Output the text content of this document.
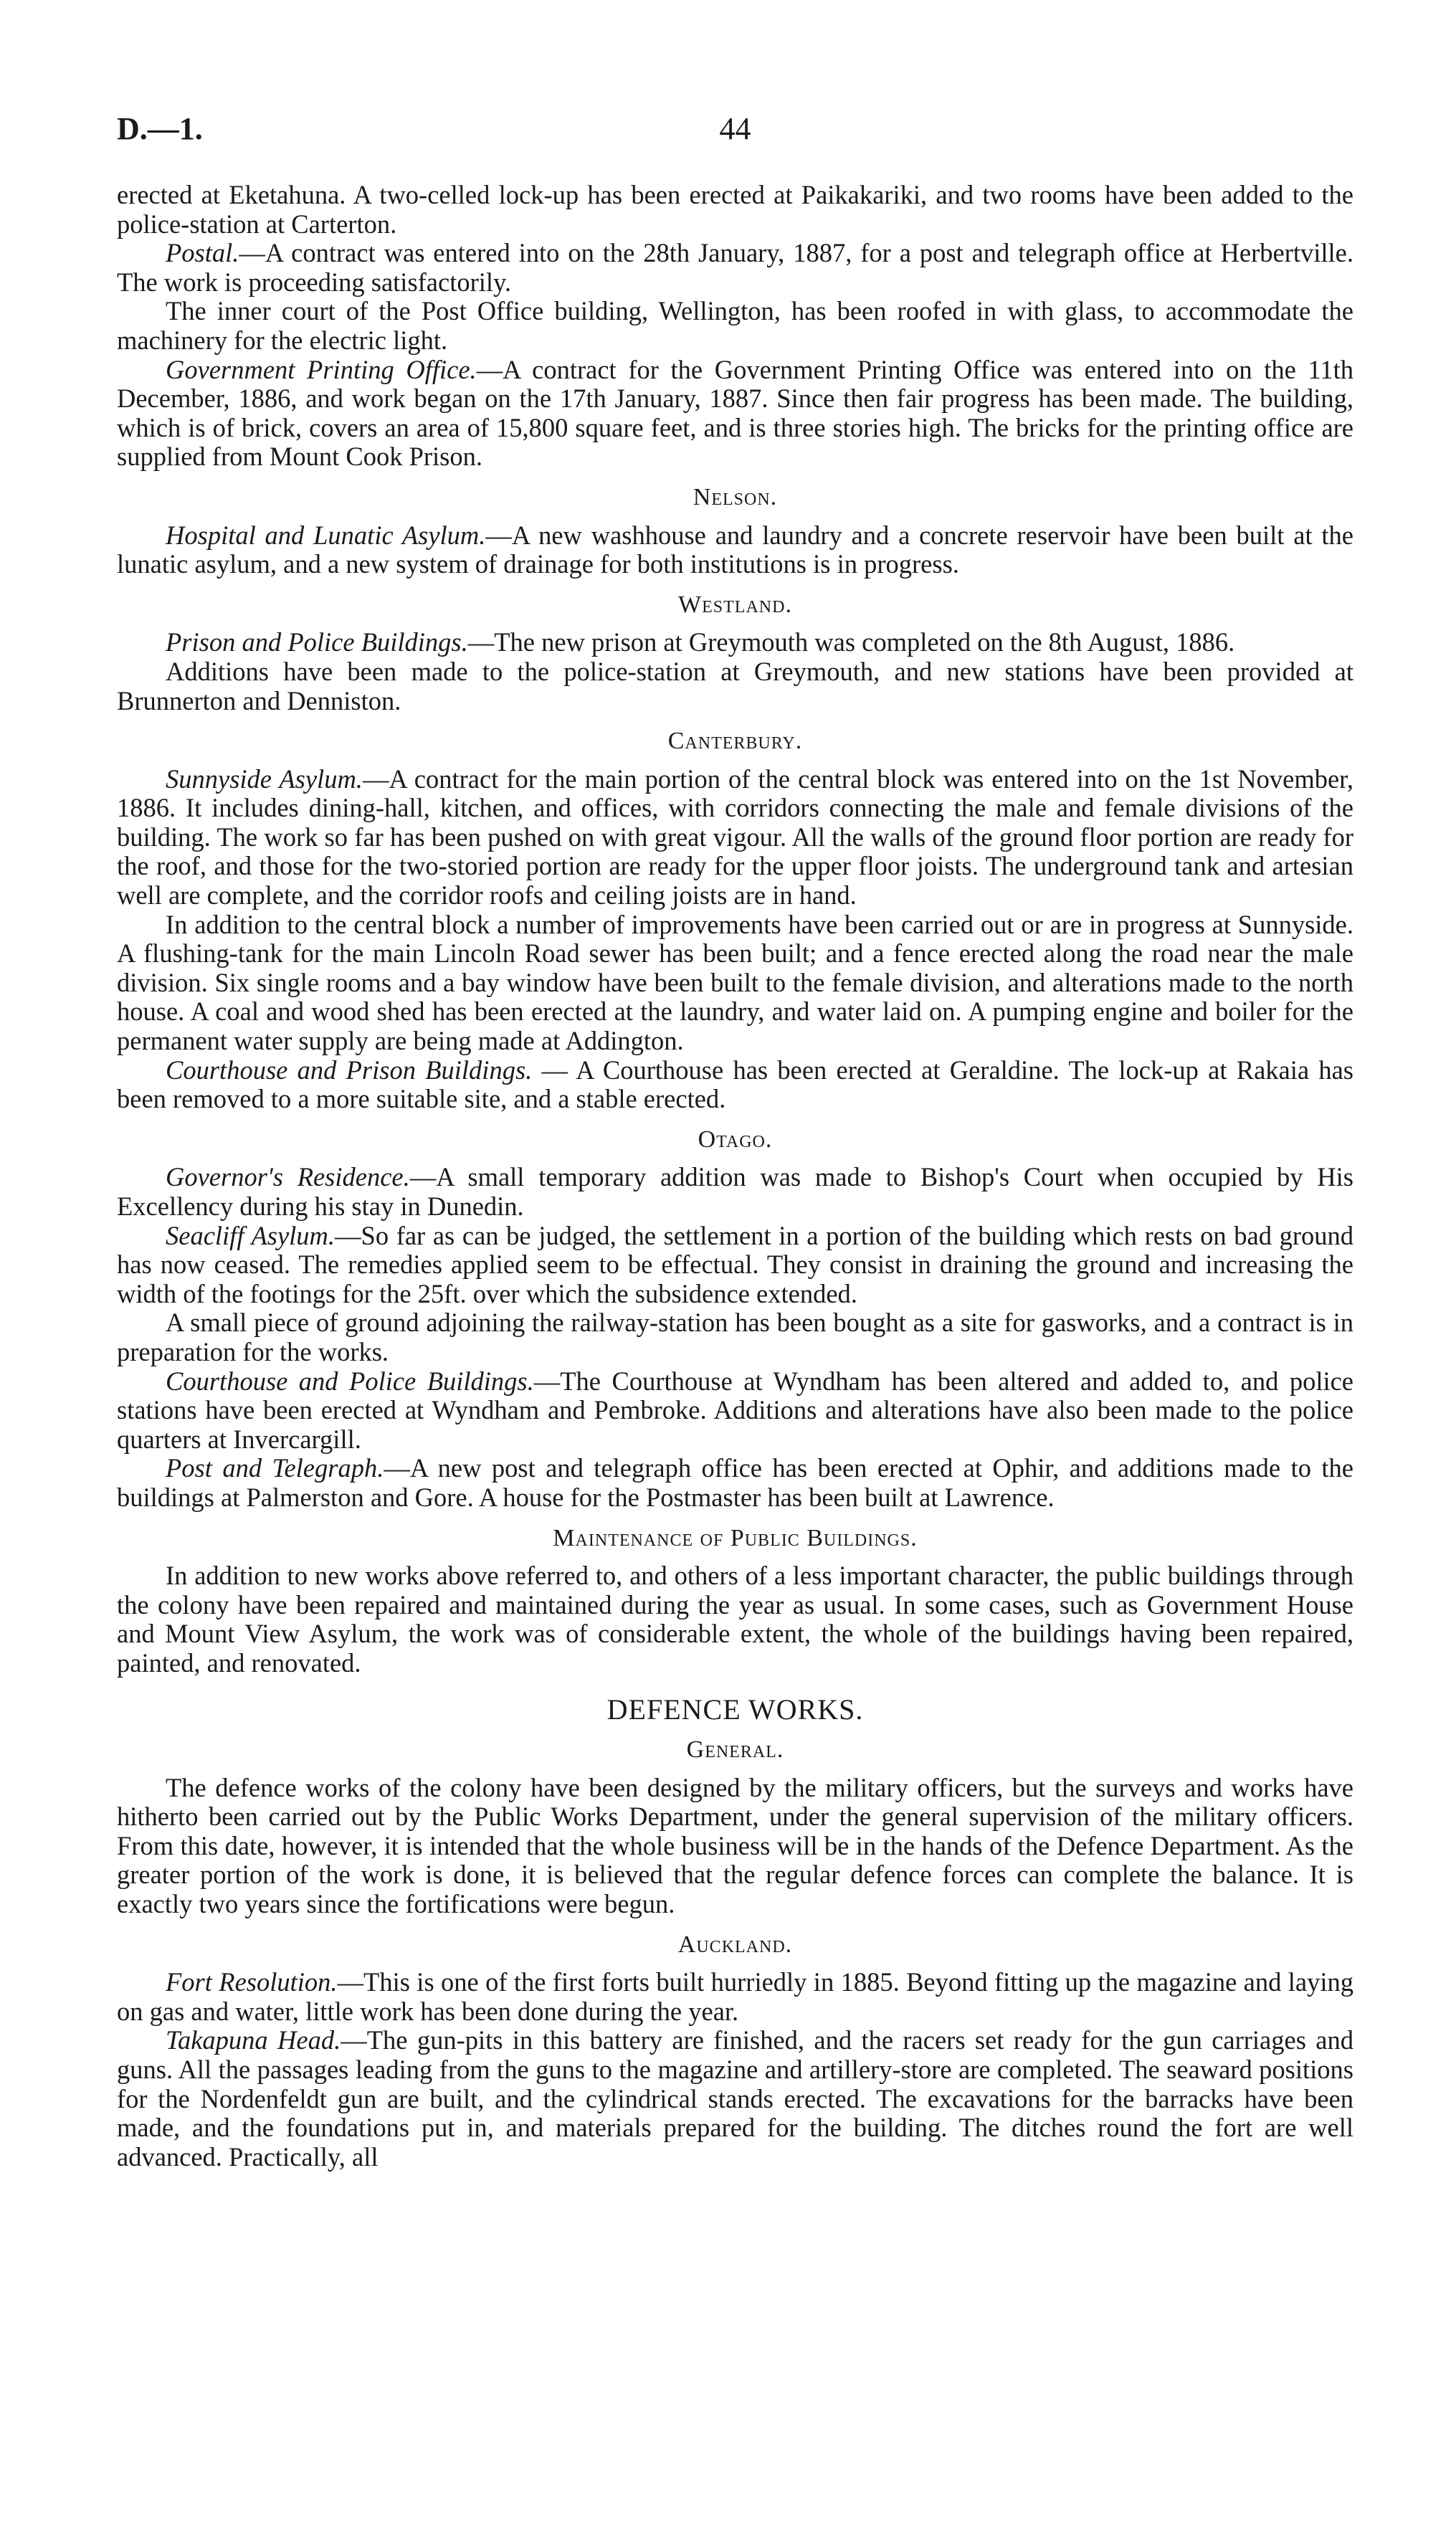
D.—1.	44

erected at Eketahuna. A two-celled lock-up has been erected at Paikakariki, and two rooms have been added to the police-station at Carterton.

Postal.—A contract was entered into on the 28th January, 1887, for a post and telegraph office at Herbertville. The work is proceeding satisfactorily.

The inner court of the Post Office building, Wellington, has been roofed in with glass, to accommodate the machinery for the electric light.

Government Printing Office.—A contract for the Government Printing Office was entered into on the 11th December, 1886, and work began on the 17th January, 1887. Since then fair progress has been made. The building, which is of brick, covers an area of 15,800 square feet, and is three stories high. The bricks for the printing office are supplied from Mount Cook Prison.

Nelson.

Hospital and Lunatic Asylum.—A new washhouse and laundry and a concrete reservoir have been built at the lunatic asylum, and a new system of drainage for both institutions is in progress.

Westland.

Prison and Police Buildings.—The new prison at Greymouth was completed on the 8th August, 1886.

Additions have been made to the police-station at Greymouth, and new stations have been provided at Brunnerton and Denniston.

Canterbury.

Sunnyside Asylum.—A contract for the main portion of the central block was entered into on the 1st November, 1886. It includes dining-hall, kitchen, and offices, with corridors connecting the male and female divisions of the building. The work so far has been pushed on with great vigour. All the walls of the ground floor portion are ready for the roof, and those for the two-storied portion are ready for the upper floor joists. The underground tank and artesian well are complete, and the corridor roofs and ceiling joists are in hand.

In addition to the central block a number of improvements have been carried out or are in progress at Sunnyside. A flushing-tank for the main Lincoln Road sewer has been built; and a fence erected along the road near the male division. Six single rooms and a bay window have been built to the female division, and alterations made to the north house. A coal and wood shed has been erected at the laundry, and water laid on. A pumping engine and boiler for the permanent water supply are being made at Addington.

Courthouse and Prison Buildings. — A Courthouse has been erected at Geraldine. The lock-up at Rakaia has been removed to a more suitable site, and a stable erected.

Otago.

Governor's Residence.—A small temporary addition was made to Bishop's Court when occupied by His Excellency during his stay in Dunedin.

Seacliff Asylum.—So far as can be judged, the settlement in a portion of the building which rests on bad ground has now ceased. The remedies applied seem to be effectual. They consist in draining the ground and increasing the width of the footings for the 25ft. over which the subsidence extended.

A small piece of ground adjoining the railway-station has been bought as a site for gasworks, and a contract is in preparation for the works.

Courthouse and Police Buildings.—The Courthouse at Wyndham has been altered and added to, and police stations have been erected at Wyndham and Pembroke. Additions and alterations have also been made to the police quarters at Invercargill.

Post and Telegraph.—A new post and telegraph office has been erected at Ophir, and additions made to the buildings at Palmerston and Gore. A house for the Postmaster has been built at Lawrence.

Maintenance of Public Buildings.

In addition to new works above referred to, and others of a less important character, the public buildings through the colony have been repaired and maintained during the year as usual. In some cases, such as Government House and Mount View Asylum, the work was of considerable extent, the whole of the buildings having been repaired, painted, and renovated.

DEFENCE WORKS.
General.

The defence works of the colony have been designed by the military officers, but the surveys and works have hitherto been carried out by the Public Works Department, under the general supervision of the military officers. From this date, however, it is intended that the whole business will be in the hands of the Defence Department. As the greater portion of the work is done, it is believed that the regular defence forces can complete the balance. It is exactly two years since the fortifications were begun.

Auckland.

Fort Resolution.—This is one of the first forts built hurriedly in 1885. Beyond fitting up the magazine and laying on gas and water, little work has been done during the year.

Takapuna Head.—The gun-pits in this battery are finished, and the racers set ready for the gun carriages and guns. All the passages leading from the guns to the magazine and artillery-store are completed. The seaward positions for the Nordenfeldt gun are built, and the cylindrical stands erected. The excavations for the barracks have been made, and the foundations put in, and materials prepared for the building. The ditches round the fort are well advanced. Practically, all
